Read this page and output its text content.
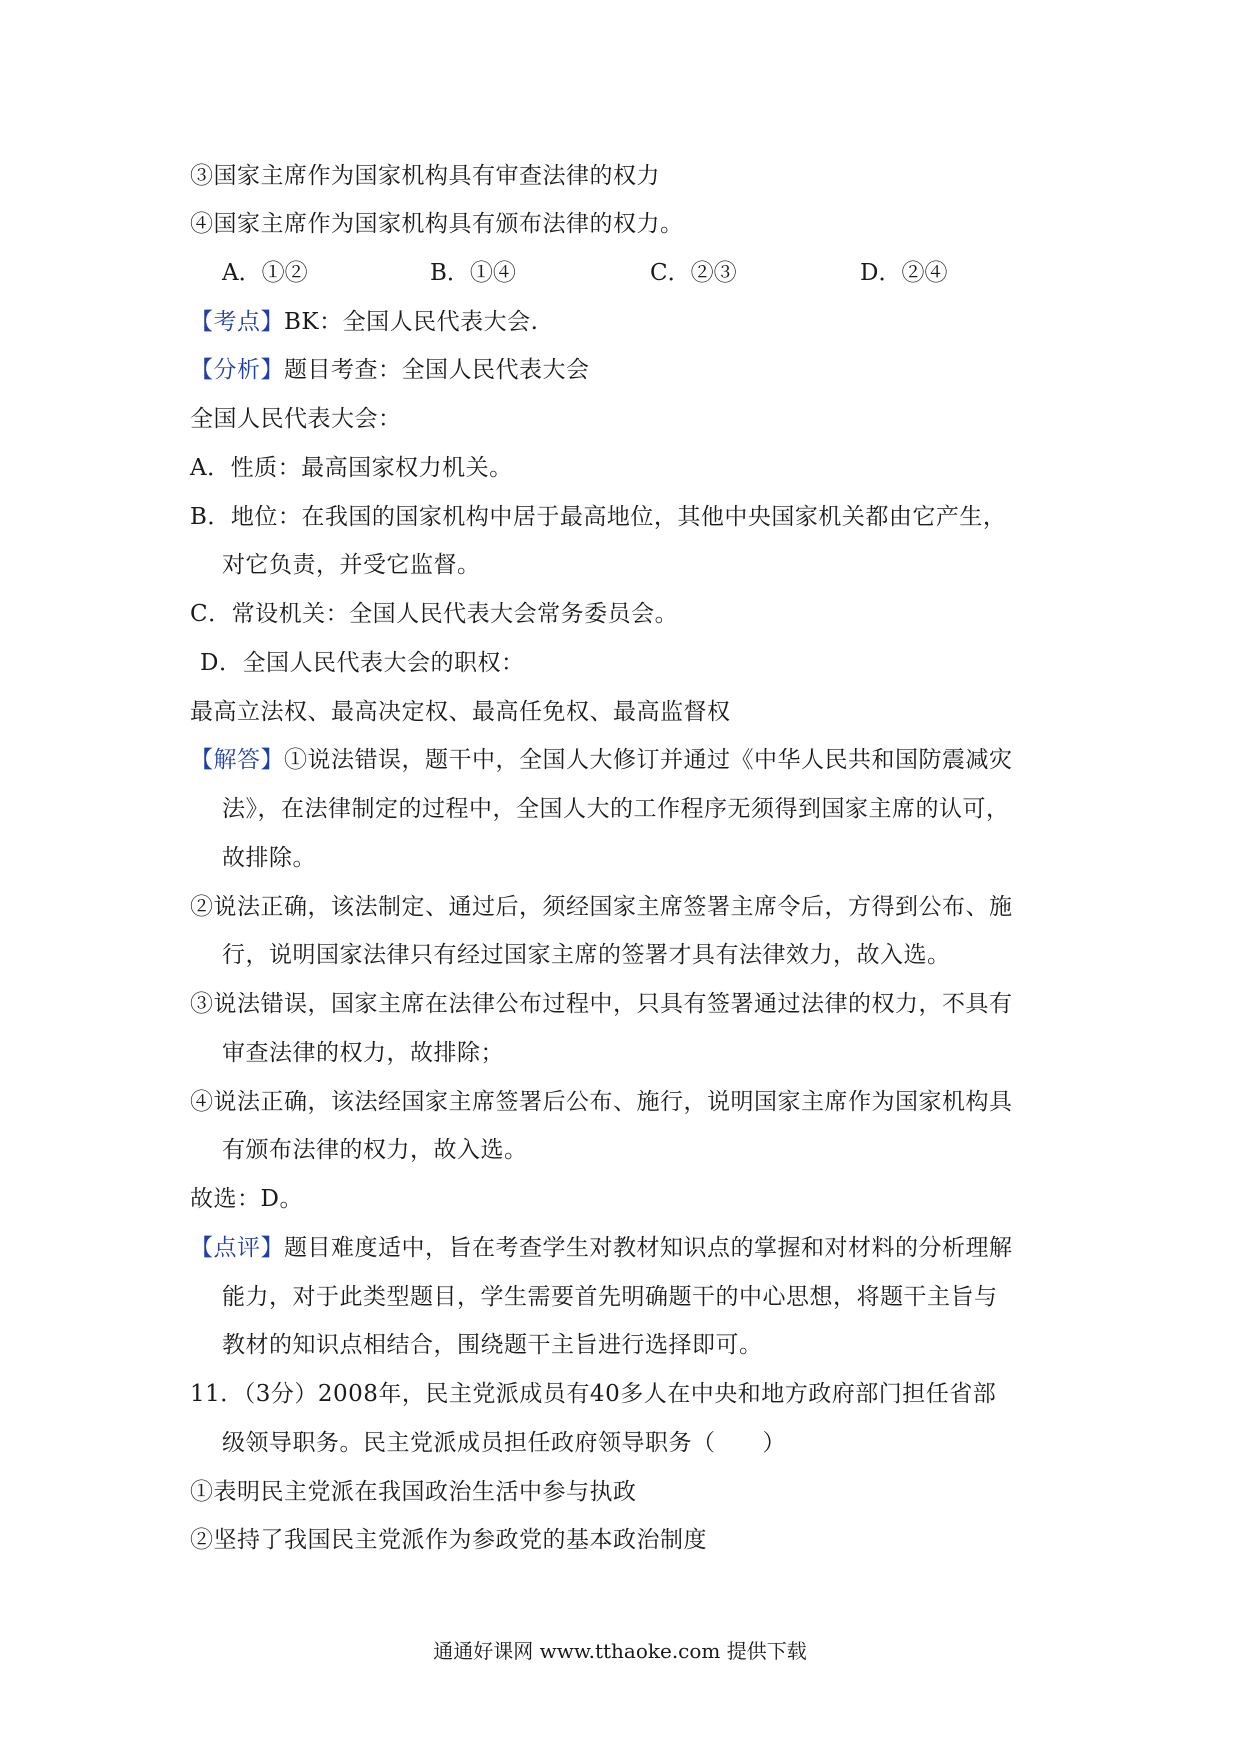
③国家主席作为国家机构具有审查法律的权力
④国家主席作为国家机构具有颁布法律的权力。
A．①②	B．①④	C．②③	D．②④
【考点】BK：全国人民代表大会.
【分析】题目考查：全国人民代表大会
全国人民代表大会：
A．性质：最高国家权力机关。
B．地位：在我国的国家机构中居于最高地位，其他中央国家机关都由它产生，
对它负责，并受它监督。
C．常设机关：全国人民代表大会常务委员会。
D．全国人民代表大会的职权：
最高立法权、最高决定权、最高任免权、最高监督权
【解答】①说法错误，题干中，全国人大修订并通过《中华人民共和国防震减灾
法》，在法律制定的过程中，全国人大的工作程序无须得到国家主席的认可，
故排除。
②说法正确，该法制定、通过后，须经国家主席签署主席令后，方得到公布、施
行，说明国家法律只有经过国家主席的签署才具有法律效力，故入选。
③说法错误，国家主席在法律公布过程中，只具有签署通过法律的权力，不具有
审查法律的权力，故排除；
④说法正确，该法经国家主席签署后公布、施行，说明国家主席作为国家机构具
有颁布法律的权力，故入选。
故选：D。
【点评】题目难度适中，旨在考查学生对教材知识点的掌握和对材料的分析理解
能力，对于此类型题目，学生需要首先明确题干的中心思想，将题干主旨与
教材的知识点相结合，围绕题干主旨进行选择即可。
11．（3分）2008年，民主党派成员有40多人在中央和地方政府部门担任省部
级领导职务。民主党派成员担任政府领导职务（　　）
①表明民主党派在我国政治生活中参与执政
②坚持了我国民主党派作为参政党的基本政治制度
通通好课网 www.tthaoke.com 提供下载
